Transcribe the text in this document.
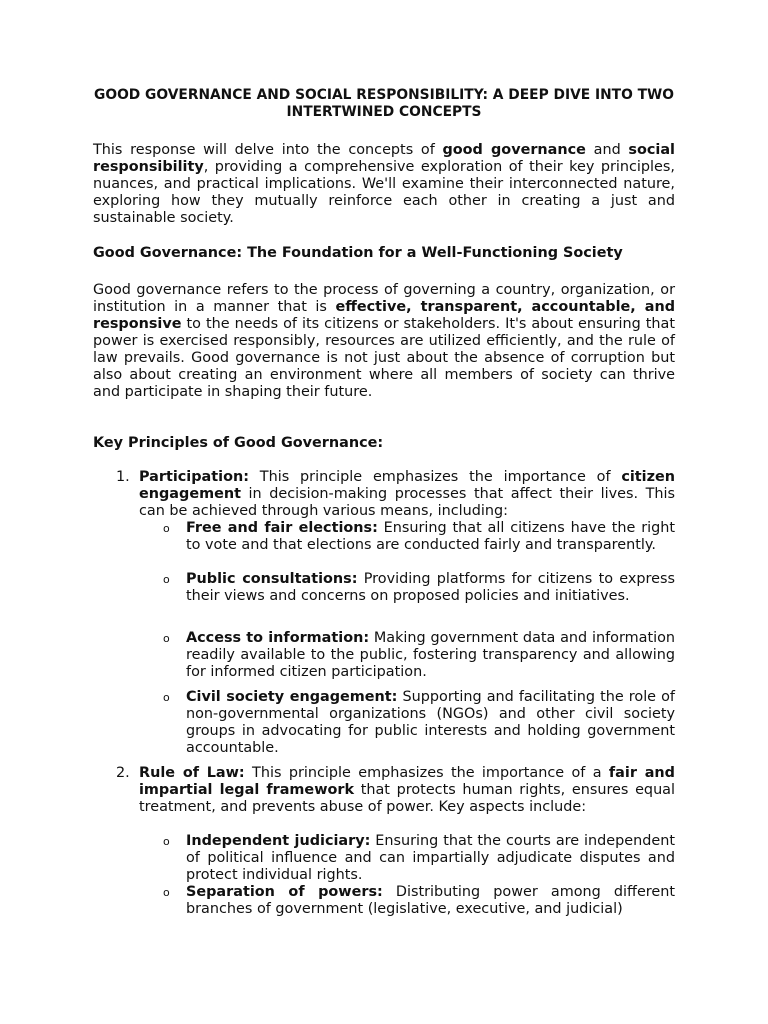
GOOD GOVERNANCE AND SOCIAL RESPONSIBILITY: A DEEP DIVE INTO TWO INTERTWINED CONCEPTS
This response will delve into the concepts of good governance and social responsibility, providing a comprehensive exploration of their key principles, nuances, and practical implications. We'll examine their interconnected nature, exploring how they mutually reinforce each other in creating a just and sustainable society.
Good Governance: The Foundation for a Well-Functioning Society
Good governance refers to the process of governing a country, organization, or institution in a manner that is effective, transparent, accountable, and responsive to the needs of its citizens or stakeholders. It's about ensuring that power is exercised responsibly, resources are utilized efficiently, and the rule of law prevails. Good governance is not just about the absence of corruption but also about creating an environment where all members of society can thrive and participate in shaping their future.
Key Principles of Good Governance:
1. Participation: This principle emphasizes the importance of citizen engagement in decision-making processes that affect their lives. This can be achieved through various means, including:
o Free and fair elections: Ensuring that all citizens have the right to vote and that elections are conducted fairly and transparently.
o Public consultations: Providing platforms for citizens to express their views and concerns on proposed policies and initiatives.
o Access to information: Making government data and information readily available to the public, fostering transparency and allowing for informed citizen participation.
o Civil society engagement: Supporting and facilitating the role of non-governmental organizations (NGOs) and other civil society groups in advocating for public interests and holding government accountable.
2. Rule of Law: This principle emphasizes the importance of a fair and impartial legal framework that protects human rights, ensures equal treatment, and prevents abuse of power. Key aspects include:
o Independent judiciary: Ensuring that the courts are independent of political influence and can impartially adjudicate disputes and protect individual rights.
o Separation of powers: Distributing power among different branches of government (legislative, executive, and judicial)
